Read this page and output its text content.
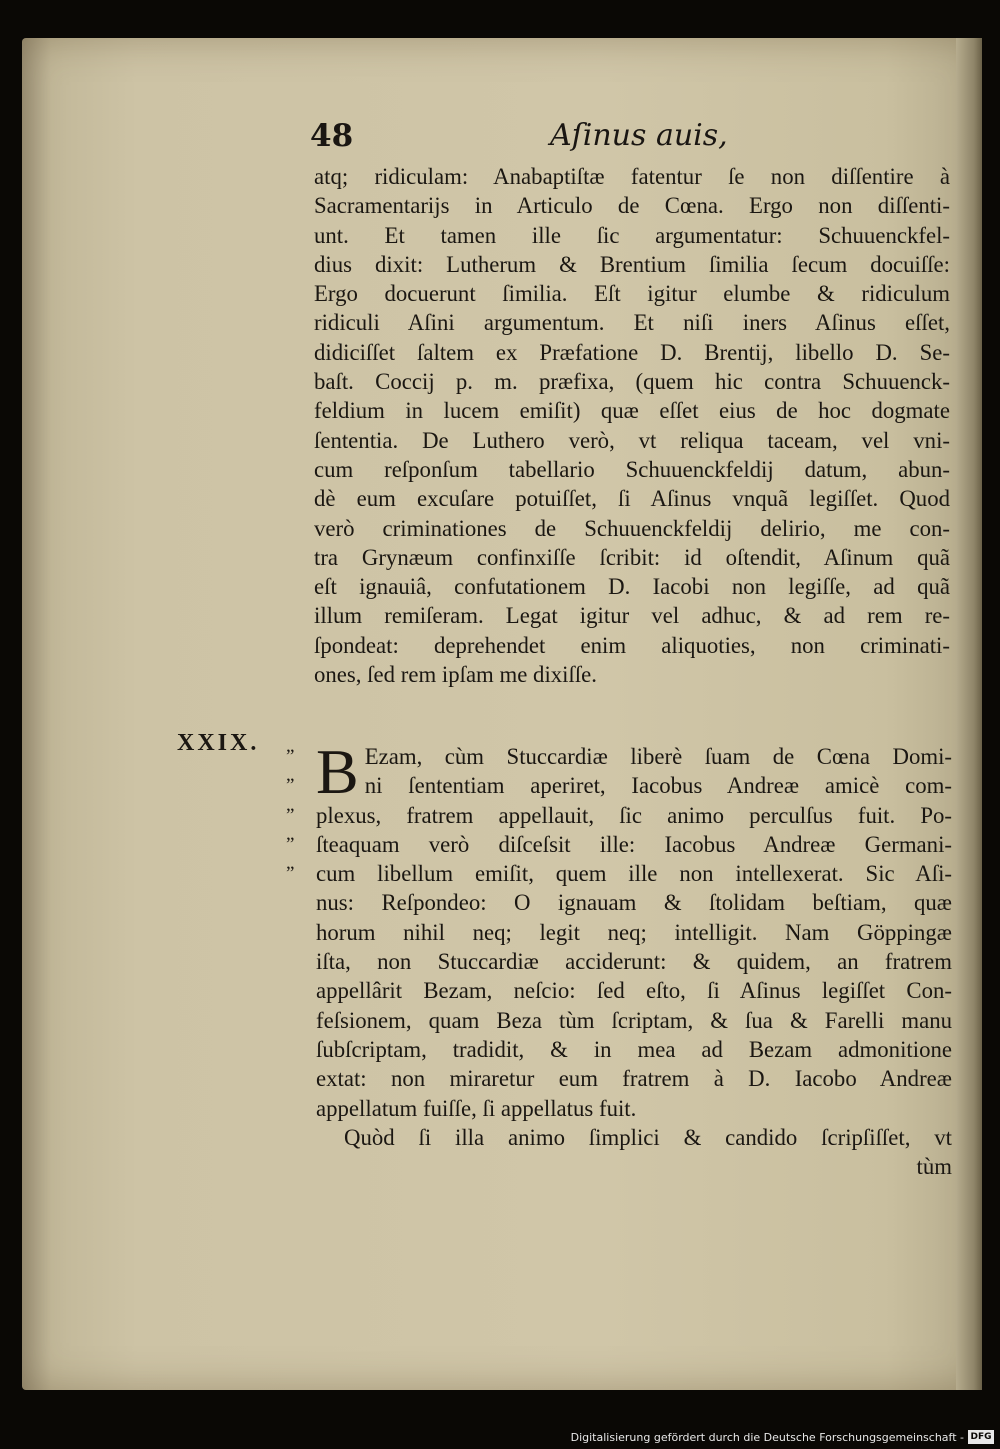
48	Aſinus auis,
atq; ridiculam: Anabaptiſtæ fatentur ſe non diſſentire à
Sacramentarijs in Articulo de Cœna. Ergo non diſſenti-
unt. Et tamen ille ſic argumentatur: Schuuenckfel-
dius dixit: Lutherum & Brentium ſimilia ſecum docuiſſe:
Ergo docuerunt ſimilia. Eſt igitur elumbe & ridiculum
ridiculi Aſini argumentum. Et niſi iners Aſinus eſſet,
didiciſſet ſaltem ex Præfatione D. Brentij, libello D. Se-
baſt. Coccij p. m. præfixa, (quem hic contra Schuuenck-
feldium in lucem emiſit) quæ eſſet eius de hoc dogmate
ſententia. De Luthero verò, vt reliqua taceam, vel vni-
cum reſponſum tabellario Schuuenckfeldij datum, abun-
dè eum excuſare potuiſſet, ſi Aſinus vnquã legiſſet. Quod
verò criminationes de Schuuenckfeldij delirio, me con-
tra Grynæum confinxiſſe ſcribit: id oſtendit, Aſinum quã
eſt ignauiâ, confutationem D. Iacobi non legiſſe, ad quã
illum remiſeram. Legat igitur vel adhuc, & ad rem re-
ſpondeat: deprehendet enim aliquoties, non criminati-
ones, ſed rem ipſam me dixiſſe.
XXIX.
”
”
”
”
”
B Ezam, cùm Stuccardiæ liberè ſuam de Cœna Domi-
ni ſententiam aperiret, Iacobus Andreæ amicè com-
plexus, fratrem appellauit, ſic animo perculſus fuit. Po-
ſteaquam verò diſceſsit ille: Iacobus Andreæ Germani-
cum libellum emiſit, quem ille non intellexerat. Sic Aſi-
nus: Reſpondeo: O ignauam & ſtolidam beſtiam, quæ
horum nihil neq; legit neq; intelligit. Nam Göppingæ
iſta, non Stuccardiæ acciderunt: & quidem, an fratrem
appellârit Bezam, neſcio: ſed eſto, ſi Aſinus legiſſet Con-
feſsionem, quam Beza tùm ſcriptam, & ſua & Farelli manu
ſubſcriptam, tradidit, & in mea ad Bezam admonitione
extat: non miraretur eum fratrem à D. Iacobo Andreæ
appellatum fuiſſe, ſi appellatus fuit.
Quòd ſi illa animo ſimplici & candido ſcripſiſſet, vt
tùm
Digitalisierung gefördert durch die Deutsche Forschungsgemeinschaft - DFG
